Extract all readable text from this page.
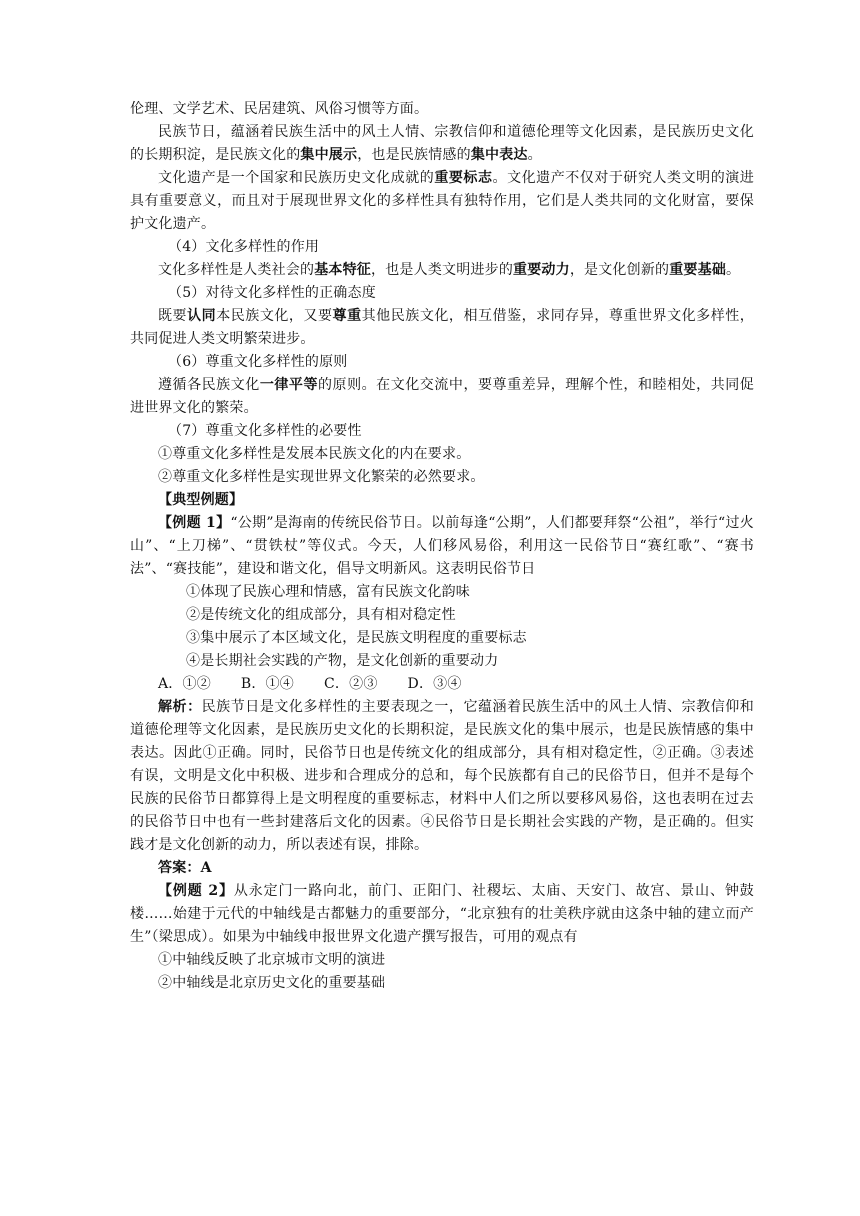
伦理、文学艺术、民居建筑、风俗习惯等方面。

民族节日，蕴涵着民族生活中的风土人情、宗教信仰和道德伦理等文化因素，是民族历史文化的长期积淀，是民族文化的集中展示，也是民族情感的集中表达。

文化遗产是一个国家和民族历史文化成就的重要标志。文化遗产不仅对于研究人类文明的演进具有重要意义，而且对于展现世界文化的多样性具有独特作用，它们是人类共同的文化财富，要保护文化遗产。

（4）文化多样性的作用

文化多样性是人类社会的基本特征，也是人类文明进步的重要动力，是文化创新的重要基础。

（5）对待文化多样性的正确态度

既要认同本民族文化，又要尊重其他民族文化，相互借鉴，求同存异，尊重世界文化多样性，共同促进人类文明繁荣进步。

（6）尊重文化多样性的原则

遵循各民族文化一律平等的原则。在文化交流中，要尊重差异，理解个性，和睦相处，共同促进世界文化的繁荣。

（7）尊重文化多样性的必要性

①尊重文化多样性是发展本民族文化的内在要求。

②尊重文化多样性是实现世界文化繁荣的必然要求。

【典型例题】

【例题 1】“公期”是海南的传统民俗节日。以前每逢“公期”，人们都要拜祭“公祖”，举行“过火山”、“上刀梯”、“贯铁杖”等仪式。今天，人们移风易俗，利用这一民俗节日“赛红歌”、“赛书法”、“赛技能”，建设和谐文化，倡导文明新风。这表明民俗节日

①体现了民族心理和情感，富有民族文化韵味

②是传统文化的组成部分，具有相对稳定性

③集中展示了本区域文化，是民族文明程度的重要标志

④是长期社会实践的产物，是文化创新的重要动力

A．①② B．①④ C．②③ D．③④

解析：民族节日是文化多样性的主要表现之一，它蕴涵着民族生活中的风土人情、宗教信仰和道德伦理等文化因素，是民族历史文化的长期积淀，是民族文化的集中展示，也是民族情感的集中表达。因此①正确。同时，民俗节日也是传统文化的组成部分，具有相对稳定性，②正确。③表述有误，文明是文化中积极、进步和合理成分的总和，每个民族都有自己的民俗节日，但并不是每个民族的民俗节日都算得上是文明程度的重要标志，材料中人们之所以要移风易俗，这也表明在过去的民俗节日中也有一些封建落后文化的因素。④民俗节日是长期社会实践的产物，是正确的。但实践才是文化创新的动力，所以表述有误，排除。

答案：A

【例题 2】从永定门一路向北，前门、正阳门、社稷坛、太庙、天安门、故宫、景山、钟鼓楼……始建于元代的中轴线是古都魅力的重要部分，“北京独有的壮美秩序就由这条中轴的建立而产生”（梁思成）。如果为中轴线申报世界文化遗产撰写报告，可用的观点有

①中轴线反映了北京城市文明的演进

②中轴线是北京历史文化的重要基础
